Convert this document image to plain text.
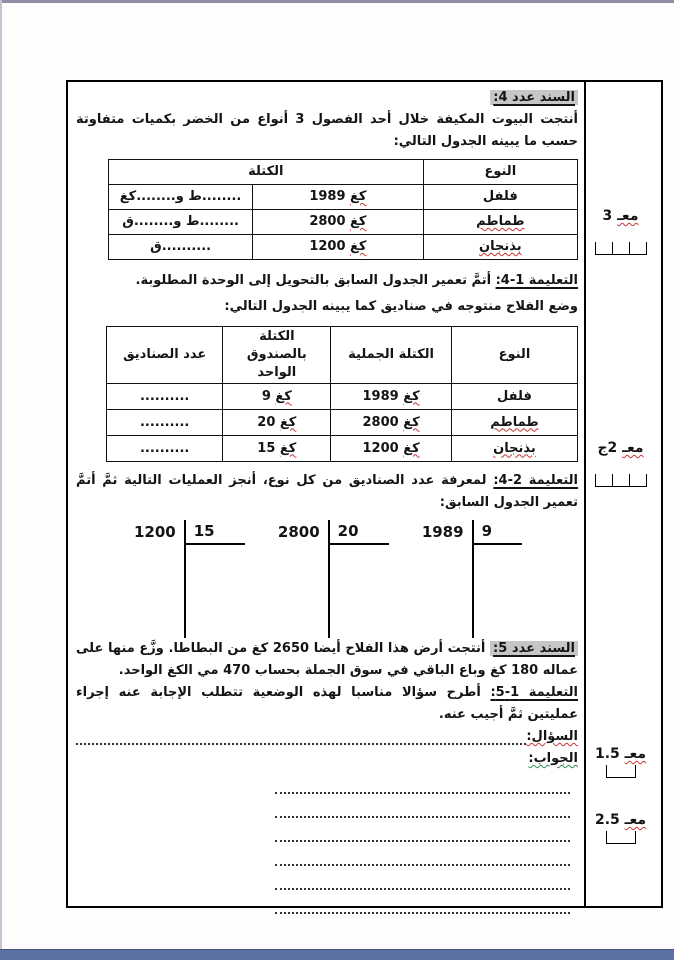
السند عدد 4:
أنتجت البيوت المكيفة خلال أحد الفصول 3 أنواع من الخضر بكميات متفاوتة حسب ما يبينه الجدول التالي:
النوع	الكتلة	
فلفل	1989 كغ	........ط و........كغ
طماطم	2800 كغ	........ط و........ق
بذنجان	1200 كغ	..........ق
التعليمة 1-4: أتمَّ تعمير الجدول السابق بالتحويل إلى الوحدة المطلوبة.
وضع الفلاح منتوجه في صناديق كما يبينه الجدول التالي:
النوع	الكتلة الجملية	الكتلة بالصندوق الواحد	عدد الصناديق
فلفل	1989 كغ	9 كغ	..........
طماطم	2800 كغ	20 كغ	..........
بذنجان	1200 كغ	15 كغ	..........
التعليمة 2-4: لمعرفة عدد الصناديق من كل نوع، أنجز العمليات التالية ثمَّ أتمَّ تعمير الجدول السابق:
1989	9
2800	20
1200	15
السند عدد 5: أنتجت أرض هذا الفلاح أيضا 2650 كغ من البطاطا. وزَّع منها على عماله 180 كغ وباع الباقي في سوق الجملة بحساب 470 مي الكغ الواحد.
التعليمة 1-5: أطرح سؤالا مناسبا لهذه الوضعية تتطلب الإجابة عنه إجراء عمليتين ثمَّ أجيب عنه.
السؤال:
الجواب:
معـ 3
معـ 2ج
معـ 1.5
معـ 2.5
